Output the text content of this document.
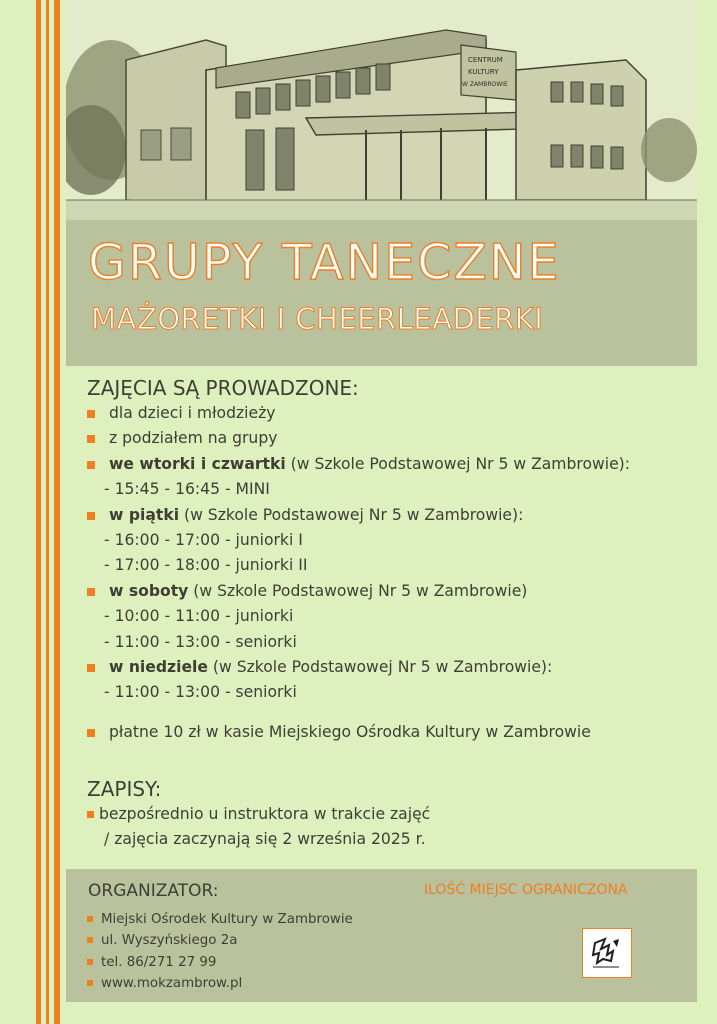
CENTRUM
KULTURY
W ZAMBROWIE
GRUPY TANECZNE
MAŻORETKI I CHEERLEADERKI
ZAJĘCIA SĄ PROWADZONE:
dla dzieci i młodzieży
z podziałem na grupy
we wtorki i czwartki (w Szkole Podstawowej Nr 5 w Zambrowie):
- 15:45 - 16:45 - MINI
w piątki (w Szkole Podstawowej Nr 5 w Zambrowie):
- 16:00 - 17:00 - juniorki I
- 17:00 - 18:00 - juniorki II
w soboty (w Szkole Podstawowej Nr 5 w Zambrowie)
- 10:00 - 11:00 - juniorki
- 11:00 - 13:00 - seniorki
w niedziele (w Szkole Podstawowej Nr 5 w Zambrowie):
- 11:00 - 13:00 - seniorki
płatne 10 zł w kasie Miejskiego Ośrodka Kultury w Zambrowie
ZAPISY:
bezpośrednio u instruktora w trakcie zajęć
/ zajęcia zaczynają się 2 września 2025 r.
ORGANIZATOR:
Miejski Ośrodek Kultury w Zambrowie
ul. Wyszyńskiego 2a
tel. 86/271 27 99
www.mokzambrow.pl
ILOŚĆ MIEJSC OGRANICZONA
